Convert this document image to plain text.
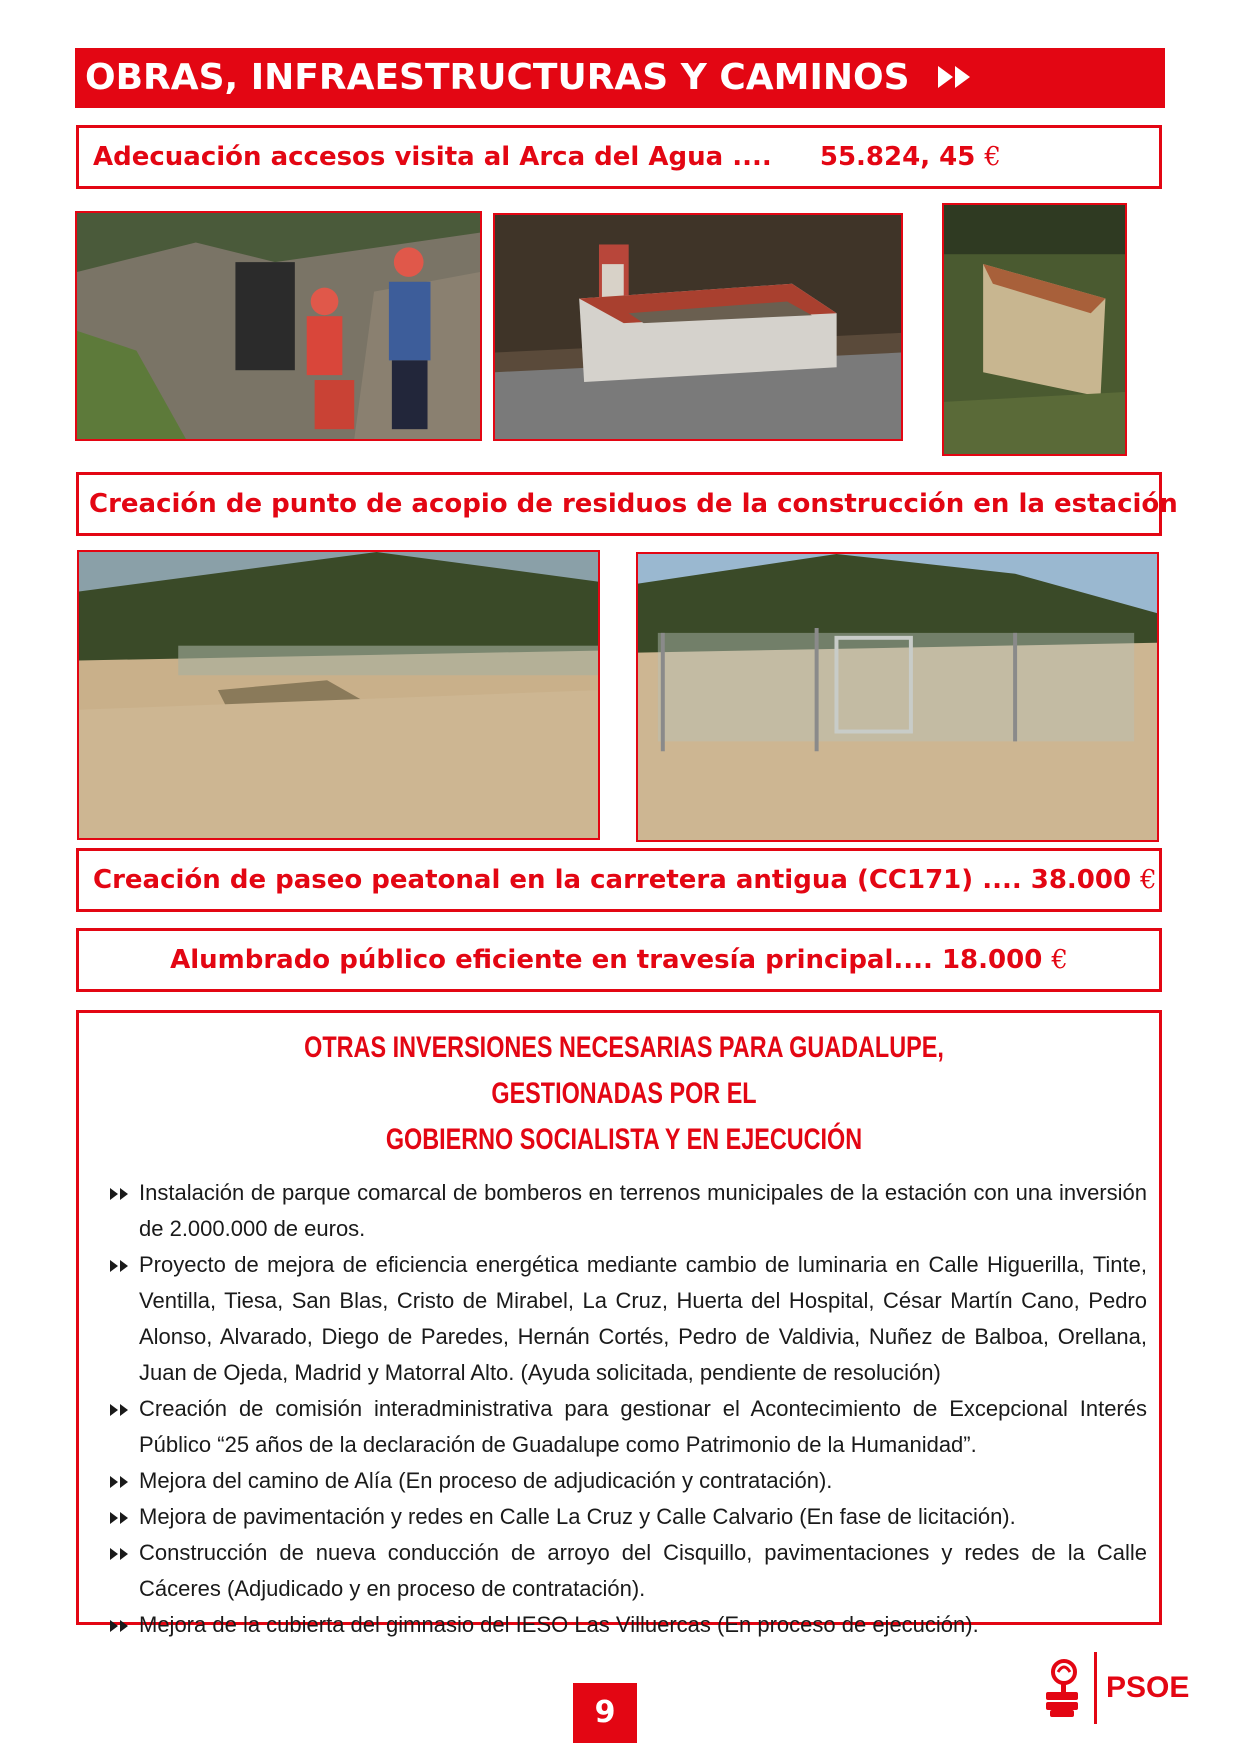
OBRAS, INFRAESTRUCTURAS Y CAMINOS
Adecuación accesos visita al Arca del Agua .... 55.824, 45 €
Creación de punto de acopio de residuos de la construcción en la estación
Creación de paseo peatonal en la carretera antigua (CC171) .... 38.000 €
Alumbrado público eficiente en travesía principal.... 18.000 €
OTRAS INVERSIONES NECESARIAS PARA GUADALUPE, GESTIONADAS POR EL
GOBIERNO SOCIALISTA Y EN EJECUCIÓN
Instalación de parque comarcal de bomberos en terrenos municipales de la estación con una inversión de 2.000.000 de euros.
Proyecto de mejora de eficiencia energética mediante cambio de luminaria en Calle Higuerilla, Tinte, Ventilla, Tiesa, San Blas, Cristo de Mirabel, La Cruz, Huerta del Hospital, César Martín Cano, Pedro Alonso, Alvarado, Diego de Paredes, Hernán Cortés, Pedro de Valdivia, Nuñez de Balboa, Orellana, Juan de Ojeda, Madrid y Matorral Alto. (Ayuda solicitada, pendiente de resolución)
Creación de comisión interadministrativa para gestionar el Acontecimiento de Excepcional Interés Público “25 años de la declaración de Guadalupe como Patrimonio de la Humanidad”.
Mejora del camino de Alía (En proceso de adjudicación y contratación).
Mejora de pavimentación y redes en Calle La Cruz y Calle Calvario (En fase de licitación).
Construcción de nueva conducción de arroyo del Cisquillo, pavimentaciones y redes de la Calle Cáceres (Adjudicado y en proceso de contratación).
Mejora de la cubierta del gimnasio del IESO Las Villuercas (En proceso de ejecución).
9
PSOE
